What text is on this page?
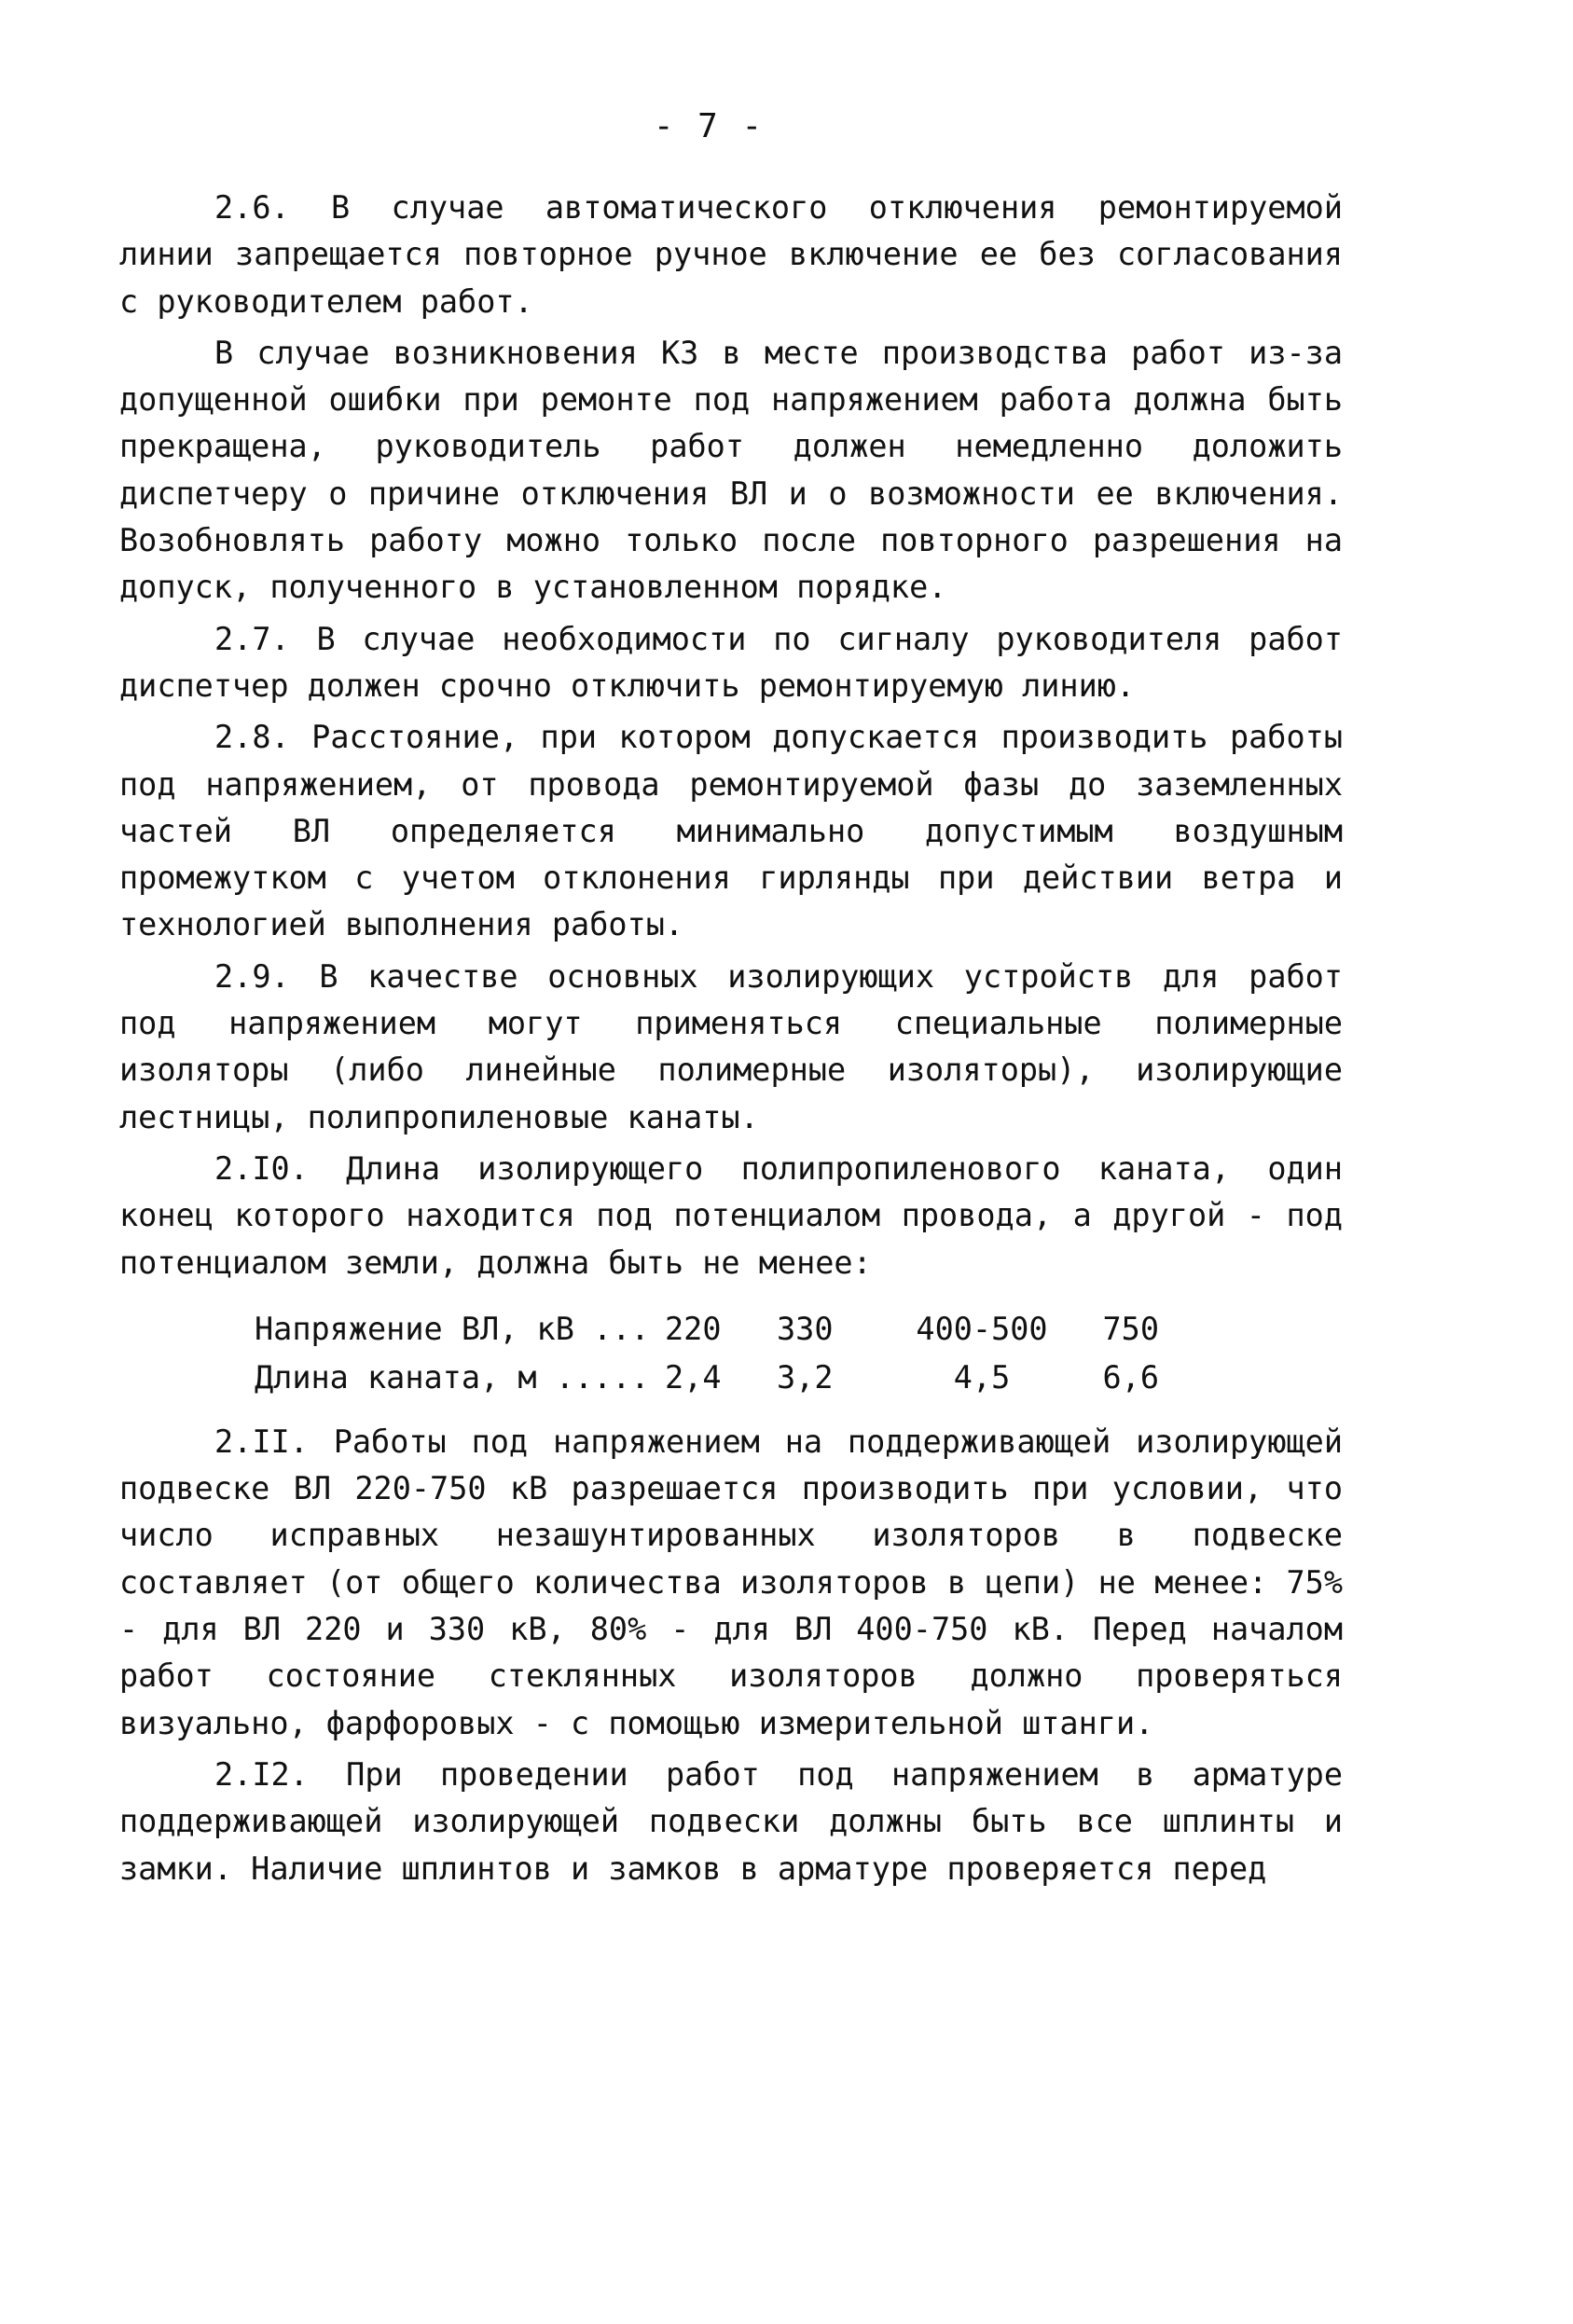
- 7 -

2.6. В случае автоматического отключения ремонтируемой линии запрещается повторное ручное включение ее без согласования с руководителем работ.

В случае возникновения КЗ в месте производства работ из-за допущенной ошибки при ремонте под напряжением работа должна быть прекращена, руководитель работ должен немедленно доложить диспетчеру о причине отключения ВЛ и о возможности ее включения. Возобновлять работу можно только после повторного разрешения на допуск, полученного в установленном порядке.

2.7. В случае необходимости по сигналу руководителя работ диспетчер должен срочно отключить ремонтируемую линию.

2.8. Расстояние, при котором допускается производить работы под напряжением, от провода ремонтируемой фазы до заземленных частей ВЛ определяется минимально допустимым воздушным промежутком с учетом отклонения гирлянды при действии ветра и технологией выполнения работы.

2.9. В качестве основных изолирующих устройств для работ под напряжением могут применяться специальные полимерные изоляторы (либо линейные полимерные изоляторы), изолирующие лестницы, полипропиленовые канаты.

2.I0. Длина изолирующего полипропиленового каната, один конец которого находится под потенциалом провода, а другой - под потенциалом земли, должна быть не менее:

Напряжение ВЛ, кВ ...	220	330	400-500	750
Длина каната, м .....	2,4	3,2	4,5	6,6

2.II. Работы под напряжением на поддерживающей изолирующей подвеске ВЛ 220-750 кВ разрешается производить при условии, что число исправных незашунтированных изоляторов в подвеске составляет (от общего количества изоляторов в цепи) не менее: 75% - для ВЛ 220 и 330 кВ, 80% - для ВЛ 400-750 кВ. Перед началом работ состояние стеклянных изоляторов должно проверяться визуально, фарфоровых - с помощью измерительной штанги.

2.I2. При проведении работ под напряжением в арматуре поддерживающей изолирующей подвески должны быть все шплинты и замки. Наличие шплинтов и замков в арматуре проверяется перед
